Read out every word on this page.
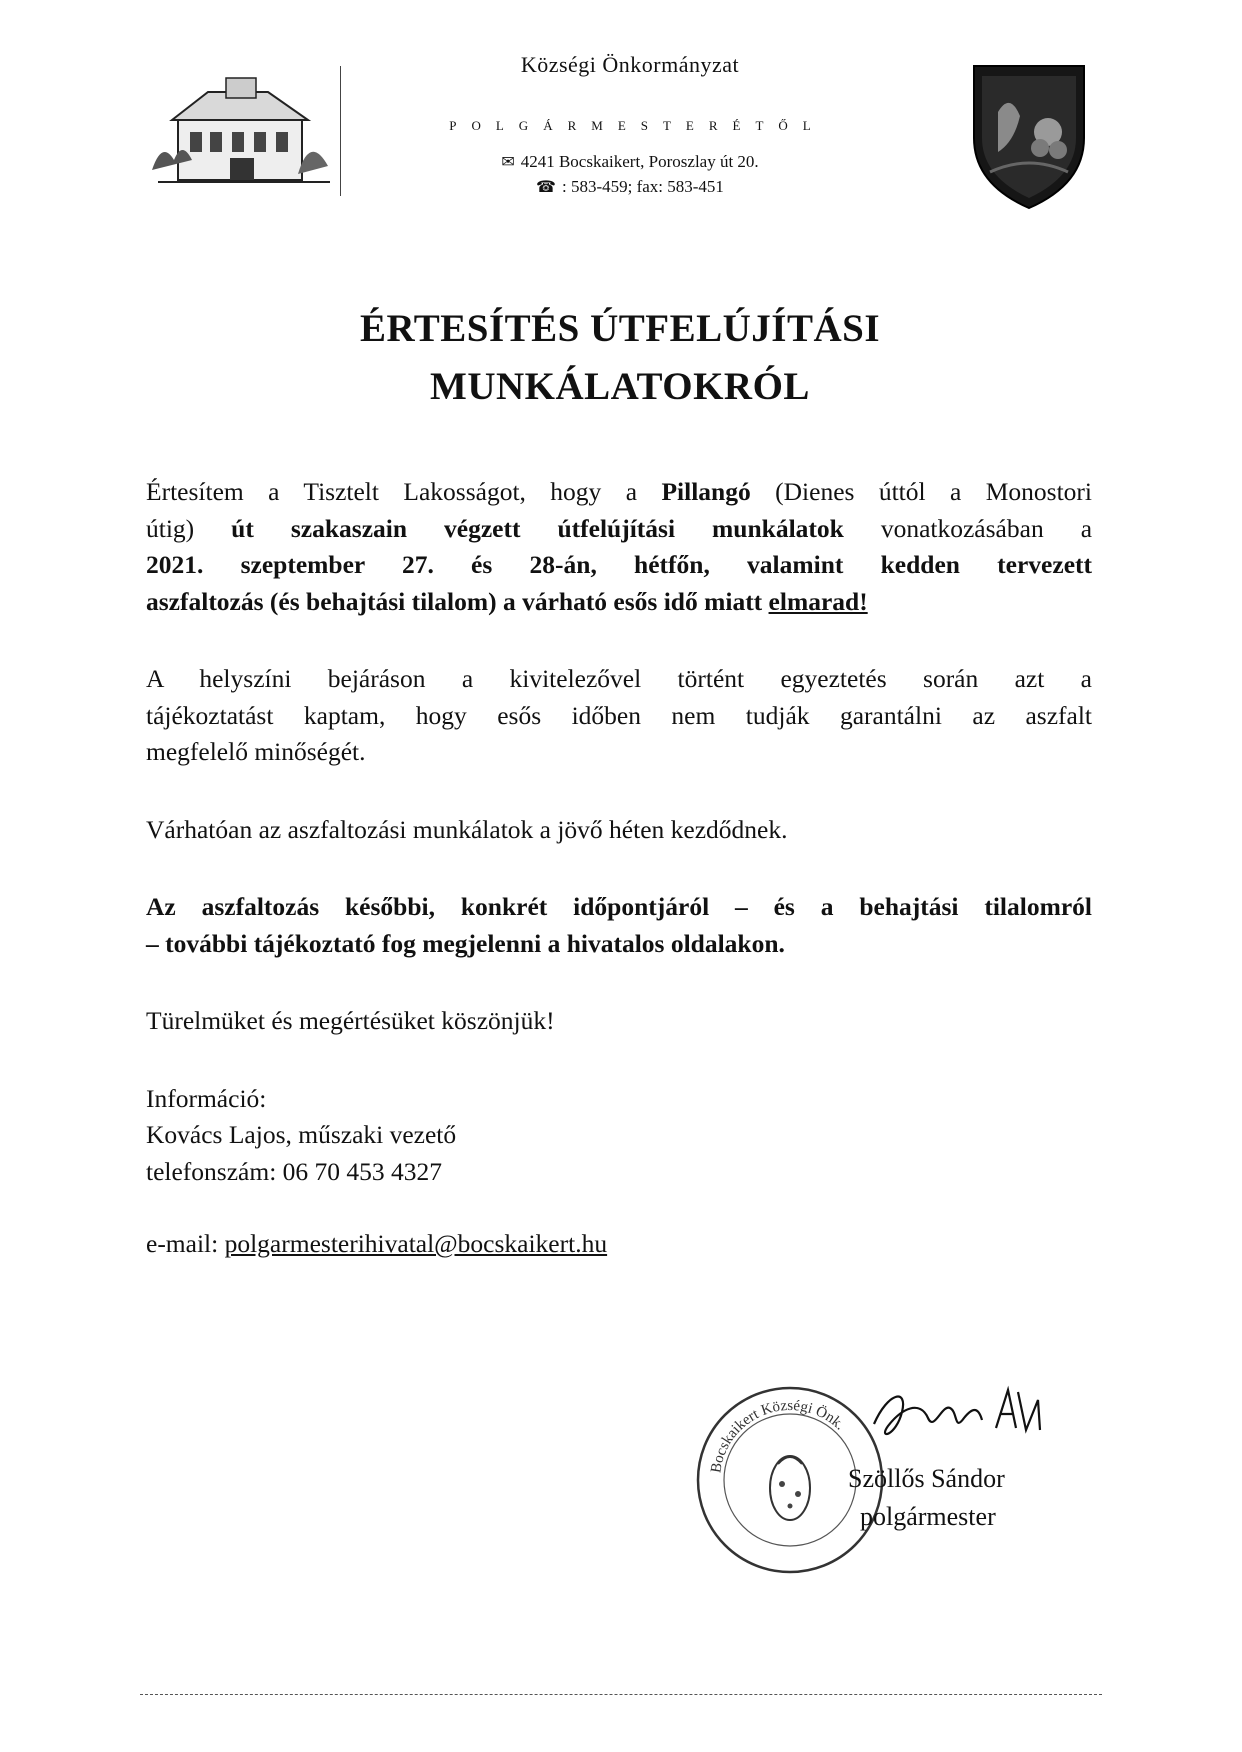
Községi Önkormányzat
POLGÁRMESTERÉTŐL
✉ 4241 Bocskaikert, Poroszlay út 20.
☎ : 583-459; fax: 583-451
ÉRTESÍTÉS ÚTFELÚJÍTÁSI
MUNKÁLATOKRÓL
Értesítem a Tisztelt Lakosságot, hogy a Pillangó (Dienes úttól a Monostori
útig) út szakaszain végzett útfelújítási munkálatok vonatkozásában a
2021. szeptember 27. és 28-án, hétfőn, valamint kedden tervezett
aszfaltozás (és behajtási tilalom) a várható esős idő miatt elmarad!
A helyszíni bejáráson a kivitelezővel történt egyeztetés során azt a
tájékoztatást kaptam, hogy esős időben nem tudják garantálni az aszfalt
megfelelő minőségét.
Várhatóan az aszfaltozási munkálatok a jövő héten kezdődnek.
Az aszfaltozás későbbi, konkrét időpontjáról – és a behajtási tilalomról
– további tájékoztató fog megjelenni a hivatalos oldalakon.
Türelmüket és megértésüket köszönjük!
Információ:
Kovács Lajos, műszaki vezető
telefonszám: 06 70 453 4327
e-mail: polgarmesterihivatal@bocskaikert.hu
Bocskaikert Községi Önk.
Szöllős Sándor
polgármester
